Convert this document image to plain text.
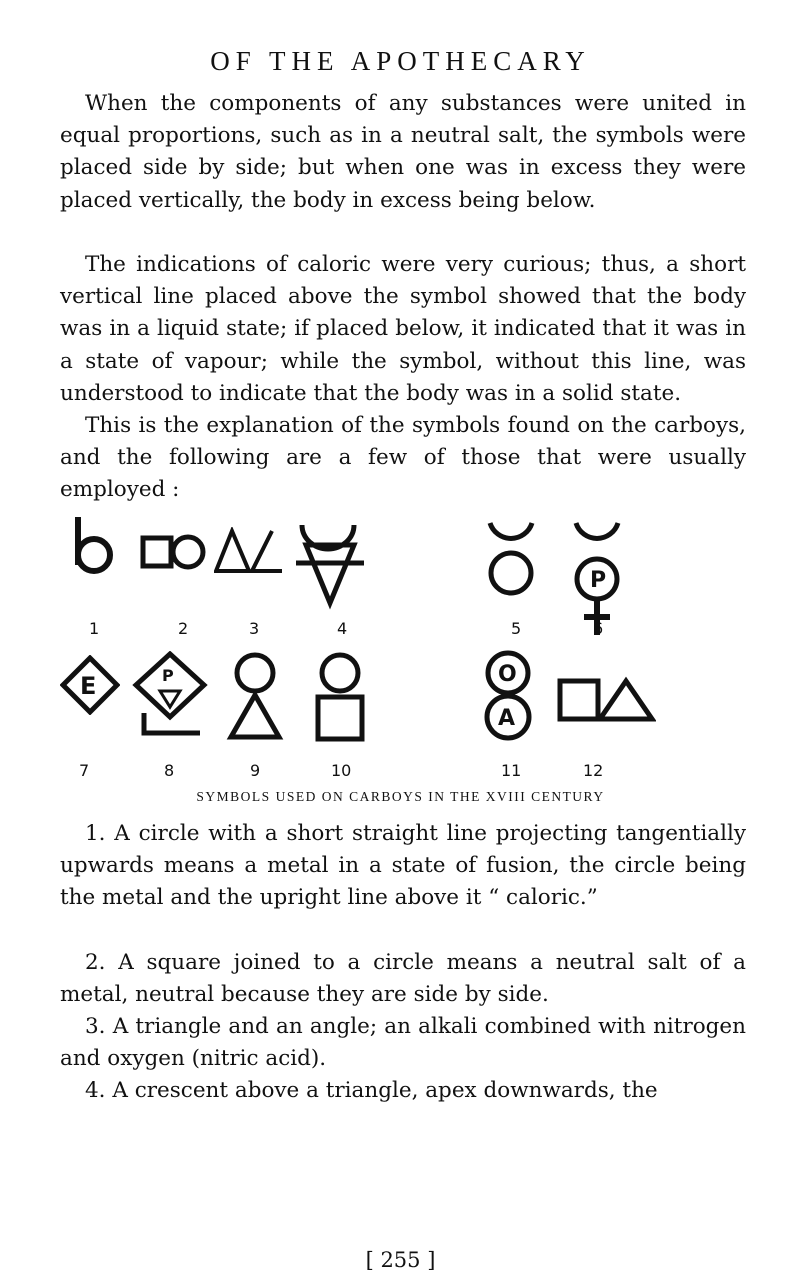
OF THE APOTHECARY
When the components of any substances were united in equal proportions, such as in a neutral salt, the symbols were placed side by side; but when one was in excess they were placed vertically, the body in excess being below.
The indications of caloric were very curious; thus, a short vertical line placed above the symbol showed that the body was in a liquid state; if placed below, it indicated that it was in a state of vapour; while the symbol, without this line, was understood to indicate that the body was in a solid state.
This is the explanation of the symbols found on the carboys, and the following are a few of those that were usually employed :
P
1	2	3	4	5	6
E	P	O
A
7	8	9	10	11	12
SYMBOLS USED ON CARBOYS IN THE XVIII CENTURY
1. A circle with a short straight line projecting tangentially upwards means a metal in a state of fusion, the circle being the metal and the upright line above it “ caloric.”
2. A square joined to a circle means a neutral salt of a metal, neutral because they are side by side.
3. A triangle and an angle; an alkali combined with nitrogen and oxygen (nitric acid).
4. A crescent above a triangle, apex downwards, the
[ 255 ]
